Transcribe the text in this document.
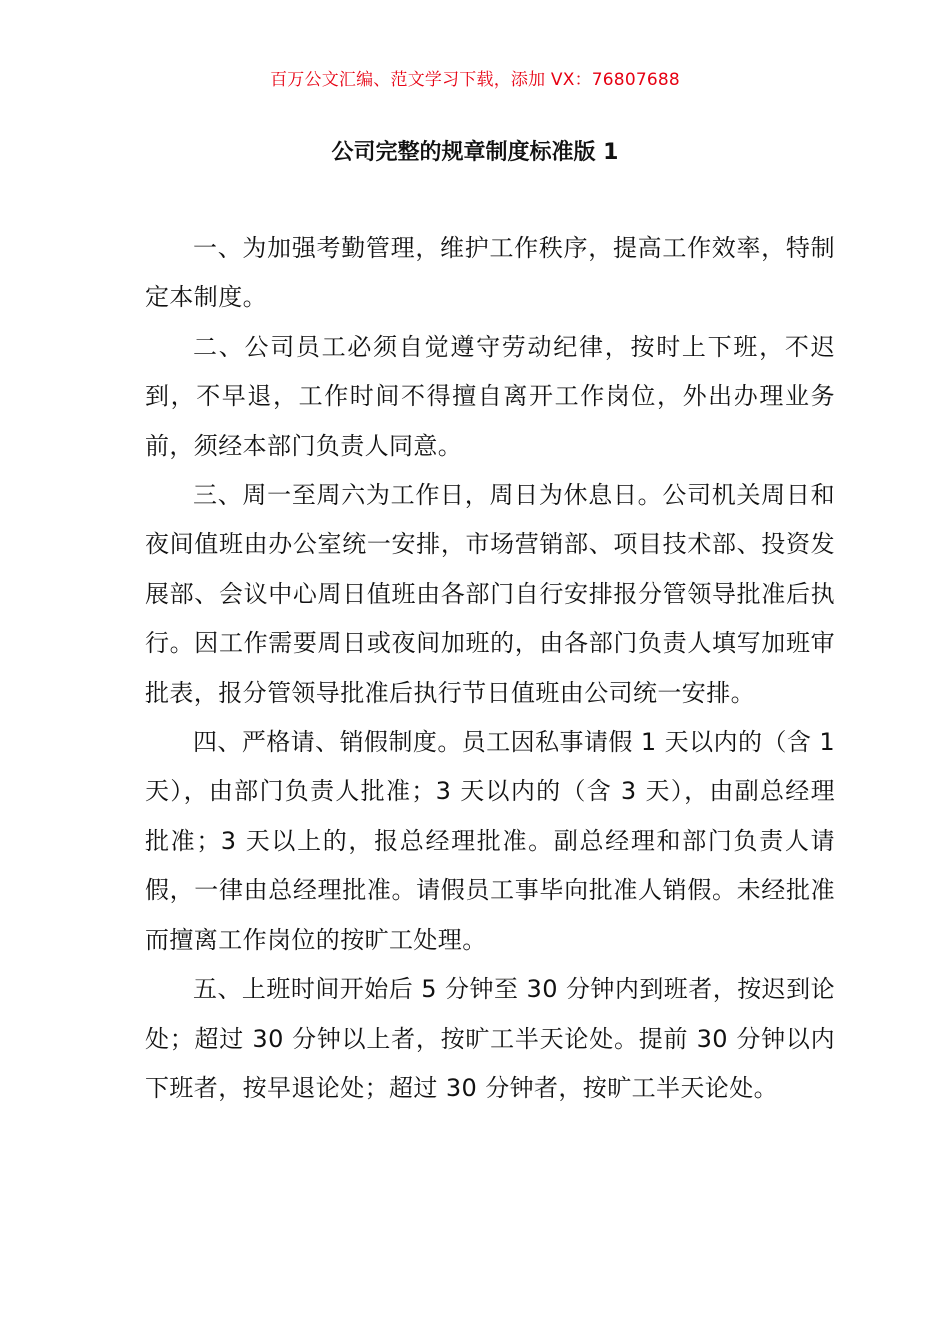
百万公文汇编、范文学习下载，添加 VX：76807688
公司完整的规章制度标准版 1

一、为加强考勤管理，维护工作秩序，提高工作效率，特制定本制度。

二、公司员工必须自觉遵守劳动纪律，按时上下班，不迟到，不早退，工作时间不得擅自离开工作岗位，外出办理业务前，须经本部门负责人同意。

三、周一至周六为工作日，周日为休息日。公司机关周日和夜间值班由办公室统一安排，市场营销部、项目技术部、投资发展部、会议中心周日值班由各部门自行安排报分管领导批准后执行。因工作需要周日或夜间加班的，由各部门负责人填写加班审批表，报分管领导批准后执行节日值班由公司统一安排。

四、严格请、销假制度。员工因私事请假 1 天以内的（含 1 天），由部门负责人批准；3 天以内的（含 3 天），由副总经理批准；3 天以上的，报总经理批准。副总经理和部门负责人请假，一律由总经理批准。请假员工事毕向批准人销假。未经批准而擅离工作岗位的按旷工处理。

五、上班时间开始后 5 分钟至 30 分钟内到班者，按迟到论处；超过 30 分钟以上者，按旷工半天论处。提前 30 分钟以内下班者，按早退论处；超过 30 分钟者，按旷工半天论处。
